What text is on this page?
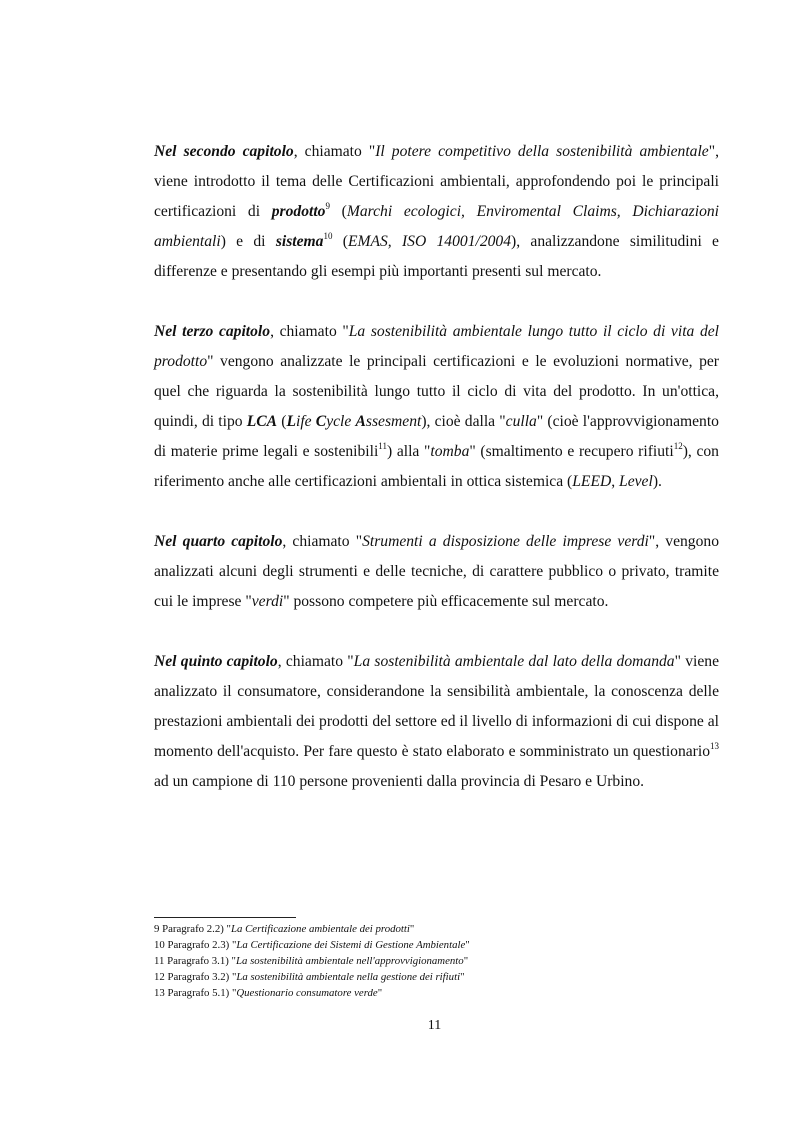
Nel secondo capitolo, chiamato "Il potere competitivo della sostenibilità ambientale", viene introdotto il tema delle Certificazioni ambientali, approfondendo poi le principali certificazioni di prodotto$^9$ (Marchi ecologici, Enviromental Claims, Dichiarazioni ambientali) e di sistema$^{10}$ (EMAS, ISO 14001/2004), analizzandone similitudini e differenze e presentando gli esempi più importanti presenti sul mercato.

Nel terzo capitolo, chiamato "La sostenibilità ambientale lungo tutto il ciclo di vita del prodotto" vengono analizzate le principali certificazioni e le evoluzioni normative, per quel che riguarda la sostenibilità lungo tutto il ciclo di vita del prodotto. In un'ottica, quindi, di tipo LCA (Life Cycle Assesment), cioè dalla "culla" (cioè l'approvvigionamento di materie prime legali e sostenibili$^{11}$) alla "tomba" (smaltimento e recupero rifiuti$^{12}$), con riferimento anche alle certificazioni ambientali in ottica sistemica (LEED, Level).

Nel quarto capitolo, chiamato "Strumenti a disposizione delle imprese verdi", vengono analizzati alcuni degli strumenti e delle tecniche, di carattere pubblico o privato, tramite cui le imprese "verdi" possono competere più efficacemente sul mercato.

Nel quinto capitolo, chiamato "La sostenibilità ambientale dal lato della domanda" viene analizzato il consumatore, considerandone la sensibilità ambientale, la conoscenza delle prestazioni ambientali dei prodotti del settore ed il livello di informazioni di cui dispone al momento dell'acquisto. Per fare questo è stato elaborato e somministrato un questionario$^{13}$ ad un campione di 110 persone provenienti dalla provincia di Pesaro e Urbino.

9 Paragrafo 2.2) "La Certificazione ambientale dei prodotti"
10 Paragrafo 2.3) "La Certificazione dei Sistemi di Gestione Ambientale"
11 Paragrafo 3.1) "La sostenibilità ambientale nell'approvvigionamento"
12 Paragrafo 3.2) "La sostenibilità ambientale nella gestione dei rifiuti"
13 Paragrafo 5.1) "Questionario consumatore verde"
11
